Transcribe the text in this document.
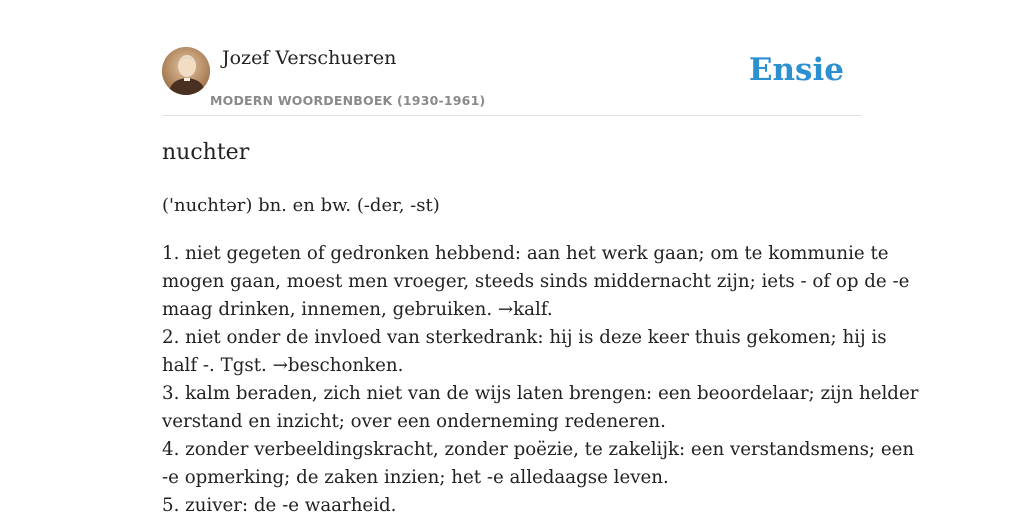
Jozef Verschueren
MODERN WOORDENBOEK (1930-1961)
Ensie
nuchter
('nuchtər) bn. en bw. (-der, -st)
1. niet gegeten of gedronken hebbend: aan het werk gaan; om te kommunie te
mogen gaan, moest men vroeger, steeds sinds middernacht zijn; iets - of op de -e
maag drinken, innemen, gebruiken. →kalf.
2. niet onder de invloed van sterkedrank: hij is deze keer thuis gekomen; hij is
half -. Tgst. →beschonken.
3. kalm beraden, zich niet van de wijs laten brengen: een beoordelaar; zijn helder
verstand en inzicht; over een onderneming redeneren.
4. zonder verbeeldingskracht, zonder poëzie, te zakelijk: een verstandsmens; een
-e opmerking; de zaken inzien; het -e alledaagse leven.
5. zuiver: de -e waarheid.
